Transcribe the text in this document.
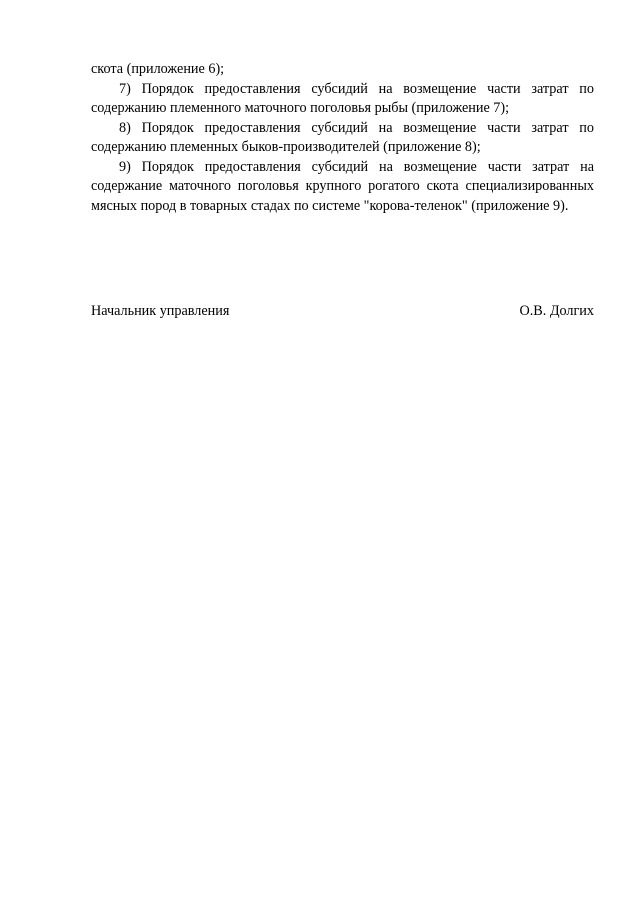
скота (приложение 6);

7) Порядок предоставления субсидий на возмещение части затрат по содержанию племенного маточного поголовья рыбы (приложение 7);

8) Порядок предоставления субсидий на возмещение части затрат по содержанию племенных быков-производителей (приложение 8);

9) Порядок предоставления субсидий на возмещение части затрат на содержание маточного поголовья крупного рогатого скота специализированных мясных пород в товарных стадах по системе "корова-теленок" (приложение 9).

Начальник управления	О.В. Долгих
